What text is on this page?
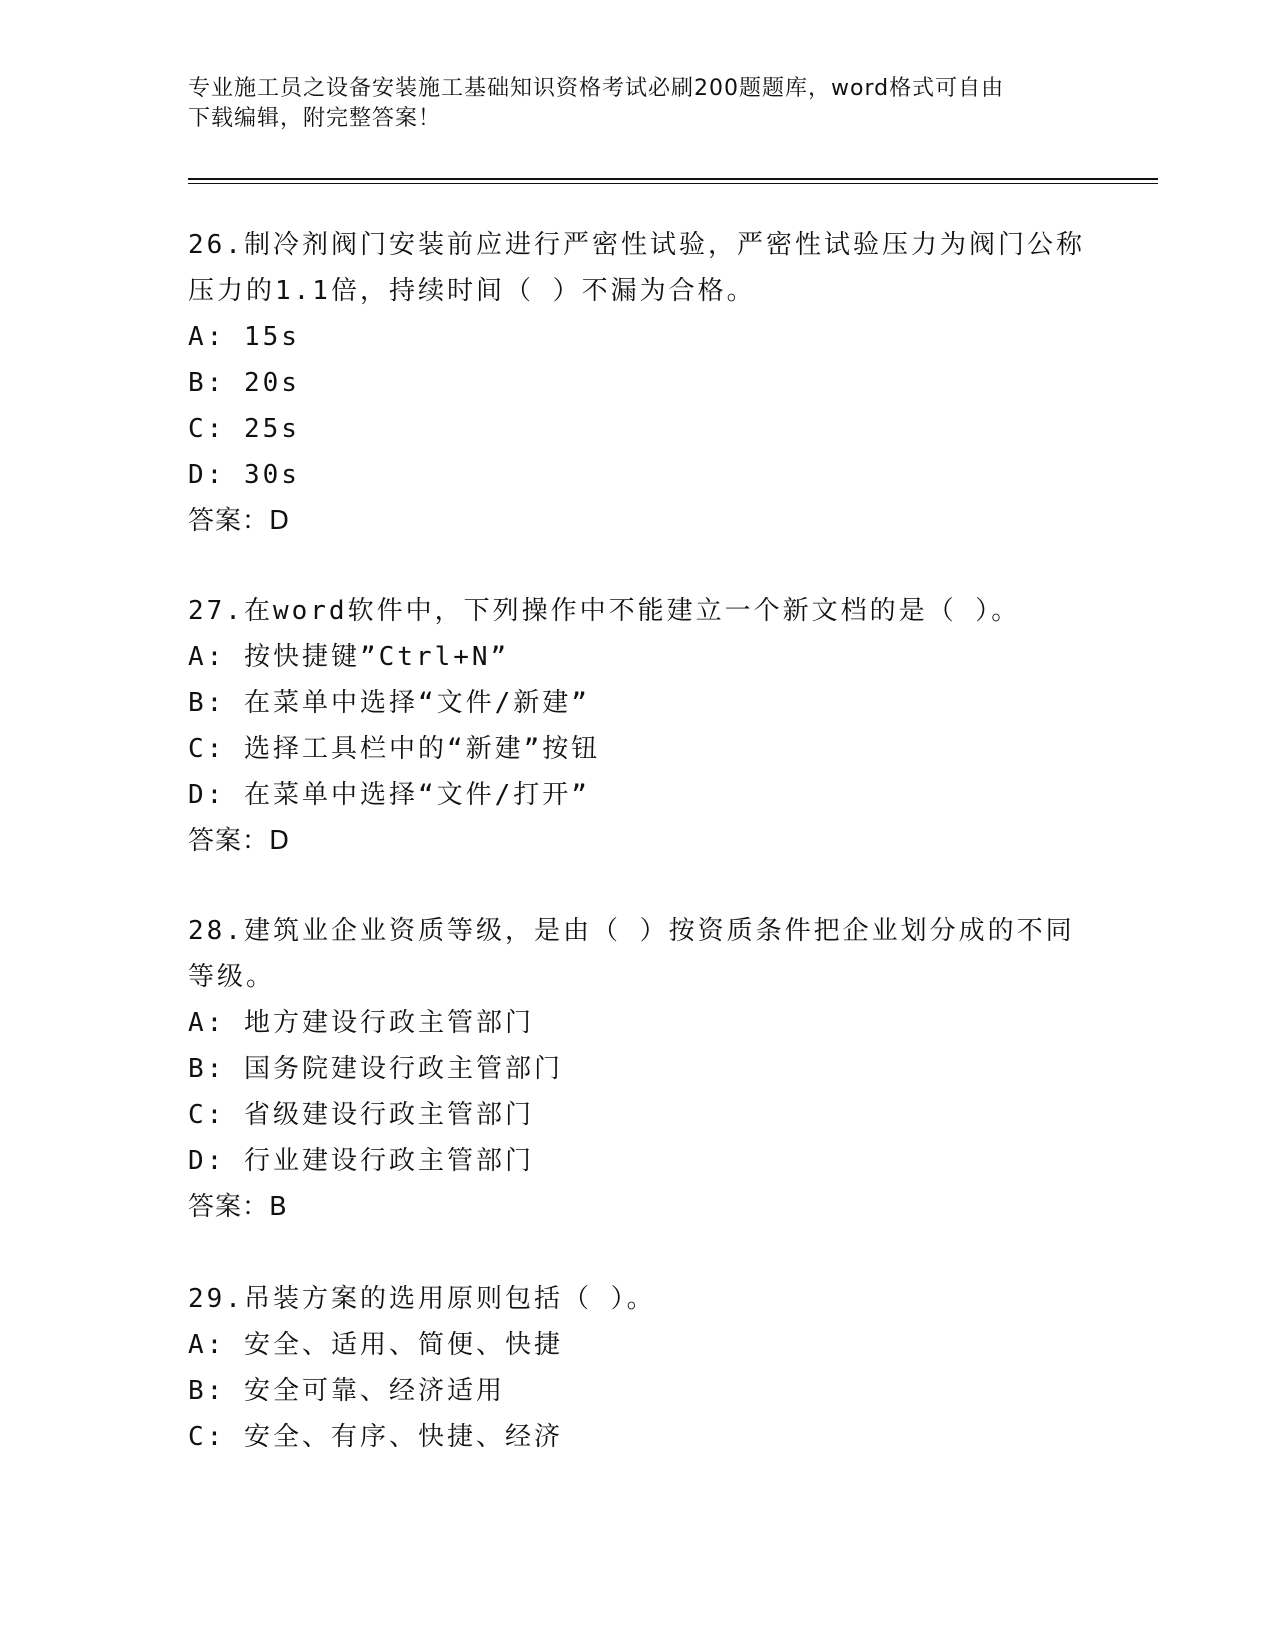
专业施工员之设备安装施工基础知识资格考试必刷200题题库，word格式可自由
下载编辑，附完整答案！

26.制冷剂阀门安装前应进行严密性试验，严密性试验压力为阀门公称

压力的1.1倍，持续时间（ ）不漏为合格。

A: 15s

B: 20s

C: 25s

D: 30s

答案：D

27.在word软件中，下列操作中不能建立一个新文档的是（ ）。

A: 按快捷键”Ctrl+N”

B: 在菜单中选择“文件/新建”

C: 选择工具栏中的“新建”按钮

D: 在菜单中选择“文件/打开”

答案：D

28.建筑业企业资质等级，是由（ ）按资质条件把企业划分成的不同

等级。

A: 地方建设行政主管部门

B: 国务院建设行政主管部门

C: 省级建设行政主管部门

D: 行业建设行政主管部门

答案：B

29.吊装方案的选用原则包括（ ）。

A: 安全、适用、简便、快捷

B: 安全可靠、经济适用

C: 安全、有序、快捷、经济
